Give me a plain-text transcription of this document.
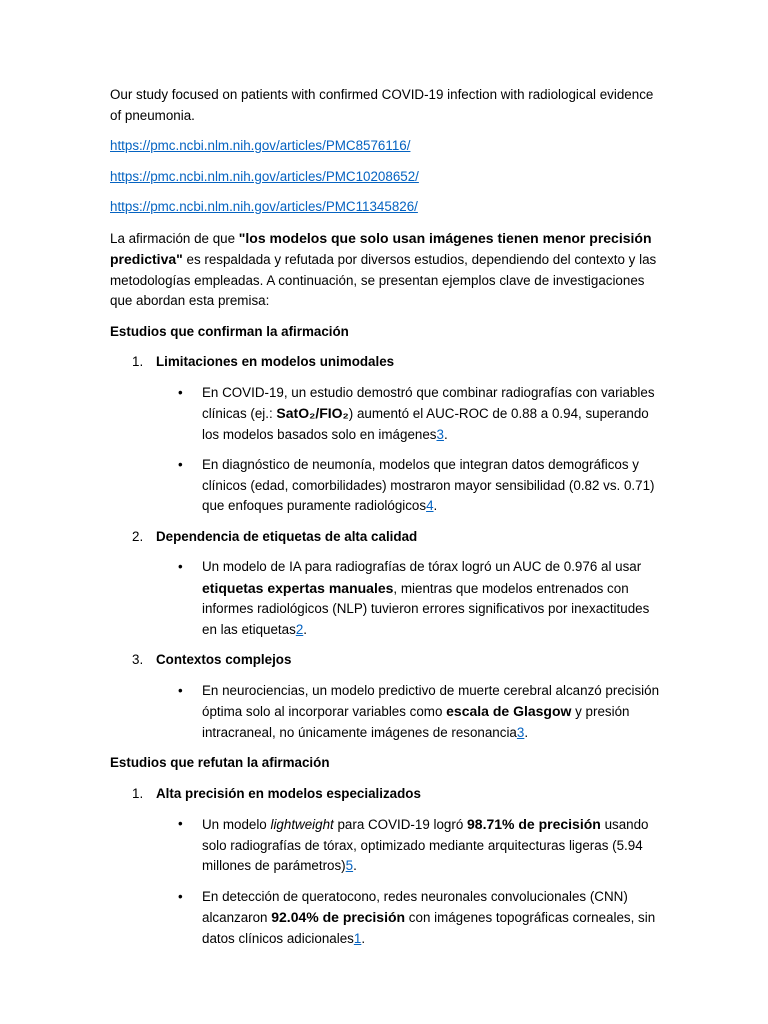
Our study focused on patients with confirmed COVID-19 infection with radiological evidence of pneumonia.

https://pmc.ncbi.nlm.nih.gov/articles/PMC8576116/

https://pmc.ncbi.nlm.nih.gov/articles/PMC10208652/

https://pmc.ncbi.nlm.nih.gov/articles/PMC11345826/

La afirmación de que "los modelos que solo usan imágenes tienen menor precisión predictiva" es respaldada y refutada por diversos estudios, dependiendo del contexto y las metodologías empleadas. A continuación, se presentan ejemplos clave de investigaciones que abordan esta premisa:

Estudios que confirman la afirmación

1. Limitaciones en modelos unimodales
• En COVID-19, un estudio demostró que combinar radiografías con variables clínicas (ej.: SatO₂/FIO₂) aumentó el AUC-ROC de 0.88 a 0.94, superando los modelos basados solo en imágenes3.
• En diagnóstico de neumonía, modelos que integran datos demográficos y clínicos (edad, comorbilidades) mostraron mayor sensibilidad (0.82 vs. 0.71) que enfoques puramente radiológicos4.
2. Dependencia de etiquetas de alta calidad
• Un modelo de IA para radiografías de tórax logró un AUC de 0.976 al usar etiquetas expertas manuales, mientras que modelos entrenados con informes radiológicos (NLP) tuvieron errores significativos por inexactitudes en las etiquetas2.
3. Contextos complejos
• En neurociencias, un modelo predictivo de muerte cerebral alcanzó precisión óptima solo al incorporar variables como escala de Glasgow y presión intracraneal, no únicamente imágenes de resonancia3.

Estudios que refutan la afirmación

1. Alta precisión en modelos especializados
• Un modelo lightweight para COVID-19 logró 98.71% de precisión usando solo radiografías de tórax, optimizado mediante arquitecturas ligeras (5.94 millones de parámetros)5.
• En detección de queratocono, redes neuronales convolucionales (CNN) alcanzaron 92.04% de precisión con imágenes topográficas corneales, sin datos clínicos adicionales1.
